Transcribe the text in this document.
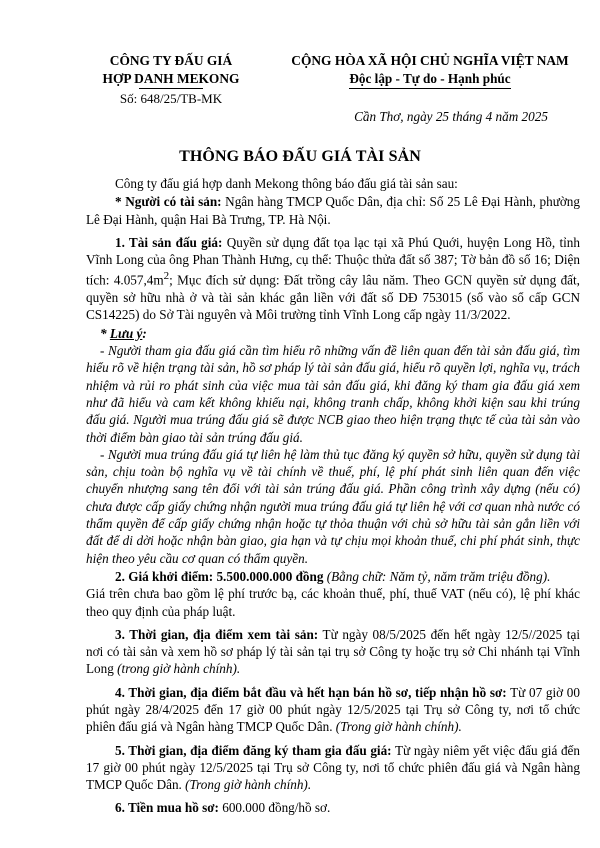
CÔNG TY ĐẤU GIÁ
HỢP DANH MEKONG
Số: 648/25/TB-MK
CỘNG HÒA XÃ HỘI CHỦ NGHĨA VIỆT NAM
Độc lập - Tự do - Hạnh phúc
Cần Thơ, ngày 25 tháng 4 năm 2025
THÔNG BÁO ĐẤU GIÁ TÀI SẢN

Công ty đấu giá hợp danh Mekong thông báo đấu giá tài sản sau:

* Người có tài sản: Ngân hàng TMCP Quốc Dân, địa chỉ: Số 25 Lê Đại Hành, phường Lê Đại Hành, quận Hai Bà Trưng, TP. Hà Nội.

1. Tài sản đấu giá: Quyền sử dụng đất tọa lạc tại xã Phú Quới, huyện Long Hồ, tỉnh Vĩnh Long của ông Phan Thành Hưng, cụ thể: Thuộc thửa đất số 387; Tờ bản đồ số 16; Diện tích: $4.057,4m^2$; Mục đích sử dụng: Đất trồng cây lâu năm. Theo GCN quyền sử dụng đất, quyền sở hữu nhà ở và tài sản khác gắn liền với đất số DĐ 753015 (số vào sổ cấp GCN CS14225) do Sở Tài nguyên và Môi trường tỉnh Vĩnh Long cấp ngày 11/3/2022.

* Lưu ý:

- Người tham gia đấu giá cần tìm hiểu rõ những vấn đề liên quan đến tài sản đấu giá, tìm hiểu rõ về hiện trạng tài sản, hồ sơ pháp lý tài sản đấu giá, hiểu rõ quyền lợi, nghĩa vụ, trách nhiệm và rủi ro phát sinh của việc mua tài sản đấu giá, khi đăng ký tham gia đấu giá xem như đã hiểu và cam kết không khiếu nại, không tranh chấp, không khởi kiện sau khi trúng đấu giá. Người mua trúng đấu giá sẽ được NCB giao theo hiện trạng thực tế của tài sản vào thời điểm bàn giao tài sản trúng đấu giá.

- Người mua trúng đấu giá tự liên hệ làm thủ tục đăng ký quyền sở hữu, quyền sử dụng tài sản, chịu toàn bộ nghĩa vụ về tài chính về thuế, phí, lệ phí phát sinh liên quan đến việc chuyển nhượng sang tên đổi với tài sản trúng đấu giá. Phần công trình xây dựng (nếu có) chưa được cấp giấy chứng nhận người mua trúng đấu giá tự liên hệ với cơ quan nhà nước có thẩm quyền để cấp giấy chứng nhận hoặc tự thỏa thuận với chủ sở hữu tài sản gắn liền với đất để di dời hoặc nhận bàn giao, gia hạn và tự chịu mọi khoản thuế, chi phí phát sinh, thực hiện theo yêu cầu cơ quan có thẩm quyền.

2. Giá khởi điểm: 5.500.000.000 đồng (Bằng chữ: Năm tỷ, năm trăm triệu đồng).

Giá trên chưa bao gồm lệ phí trước bạ, các khoản thuế, phí, thuế VAT (nếu có), lệ phí khác theo quy định của pháp luật.

3. Thời gian, địa điểm xem tài sản: Từ ngày 08/5/2025 đến hết ngày 12/5//2025 tại nơi có tài sản và xem hồ sơ pháp lý tài sản tại trụ sở Công ty hoặc trụ sở Chi nhánh tại Vĩnh Long (trong giờ hành chính).

4. Thời gian, địa điểm bắt đầu và hết hạn bán hồ sơ, tiếp nhận hồ sơ: Từ 07 giờ 00 phút ngày 28/4/2025 đến 17 giờ 00 phút ngày 12/5/2025 tại Trụ sở Công ty, nơi tổ chức phiên đấu giá và Ngân hàng TMCP Quốc Dân. (Trong giờ hành chính).

5. Thời gian, địa điểm đăng ký tham gia đấu giá: Từ ngày niêm yết việc đấu giá đến 17 giờ 00 phút ngày 12/5/2025 tại Trụ sở Công ty, nơi tổ chức phiên đấu giá và Ngân hàng TMCP Quốc Dân. (Trong giờ hành chính).

6. Tiền mua hồ sơ: 600.000 đồng/hồ sơ.
